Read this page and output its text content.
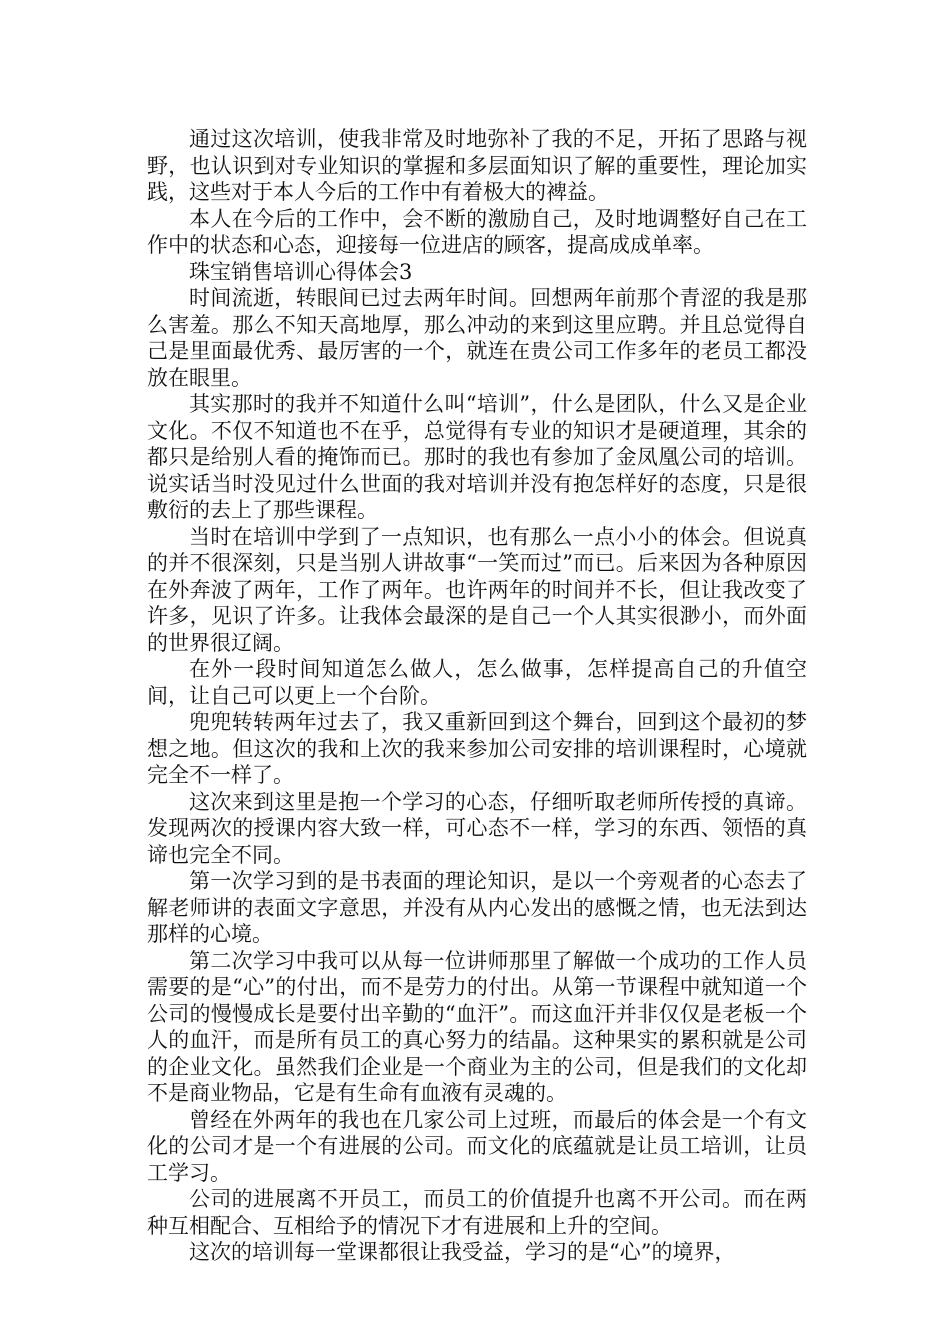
通过这次培训，使我非常及时地弥补了我的不足，开拓了思路与视野，也认识到对专业知识的掌握和多层面知识了解的重要性，理论加实践，这些对于本人今后的工作中有着极大的裨益。

本人在今后的工作中，会不断的激励自己，及时地调整好自己在工作中的状态和心态，迎接每一位进店的顾客，提高成成单率。

珠宝销售培训心得体会3

时间流逝，转眼间已过去两年时间。回想两年前那个青涩的我是那么害羞。那么不知天高地厚，那么冲动的来到这里应聘。并且总觉得自己是里面最优秀、最厉害的一个，就连在贵公司工作多年的老员工都没放在眼里。

其实那时的我并不知道什么叫“培训”，什么是团队，什么又是企业文化。不仅不知道也不在乎，总觉得有专业的知识才是硬道理，其余的都只是给别人看的掩饰而已。那时的我也有参加了金凤凰公司的培训。说实话当时没见过什么世面的我对培训并没有抱怎样好的态度，只是很敷衍的去上了那些课程。

当时在培训中学到了一点知识，也有那么一点小小的体会。但说真的并不很深刻，只是当别人讲故事“一笑而过”而已。后来因为各种原因在外奔波了两年，工作了两年。也许两年的时间并不长，但让我改变了许多，见识了许多。让我体会最深的是自己一个人其实很渺小，而外面的世界很辽阔。

在外一段时间知道怎么做人，怎么做事，怎样提高自己的升值空间，让自己可以更上一个台阶。

兜兜转转两年过去了，我又重新回到这个舞台，回到这个最初的梦想之地。但这次的我和上次的我来参加公司安排的培训课程时，心境就完全不一样了。

这次来到这里是抱一个学习的心态，仔细听取老师所传授的真谛。发现两次的授课内容大致一样，可心态不一样，学习的东西、领悟的真谛也完全不同。

第一次学习到的是书表面的理论知识，是以一个旁观者的心态去了解老师讲的表面文字意思，并没有从内心发出的感慨之情，也无法到达那样的心境。

第二次学习中我可以从每一位讲师那里了解做一个成功的工作人员需要的是“心”的付出，而不是劳力的付出。从第一节课程中就知道一个公司的慢慢成长是要付出辛勤的“血汗”。而这血汗并非仅仅是老板一个人的血汗，而是所有员工的真心努力的结晶。这种果实的累积就是公司的企业文化。虽然我们企业是一个商业为主的公司，但是我们的文化却不是商业物品，它是有生命有血液有灵魂的。

曾经在外两年的我也在几家公司上过班，而最后的体会是一个有文化的公司才是一个有进展的公司。而文化的底蕴就是让员工培训，让员工学习。

公司的进展离不开员工，而员工的价值提升也离不开公司。而在两种互相配合、互相给予的情况下才有进展和上升的空间。

这次的培训每一堂课都很让我受益，学习的是“心”的境界，
